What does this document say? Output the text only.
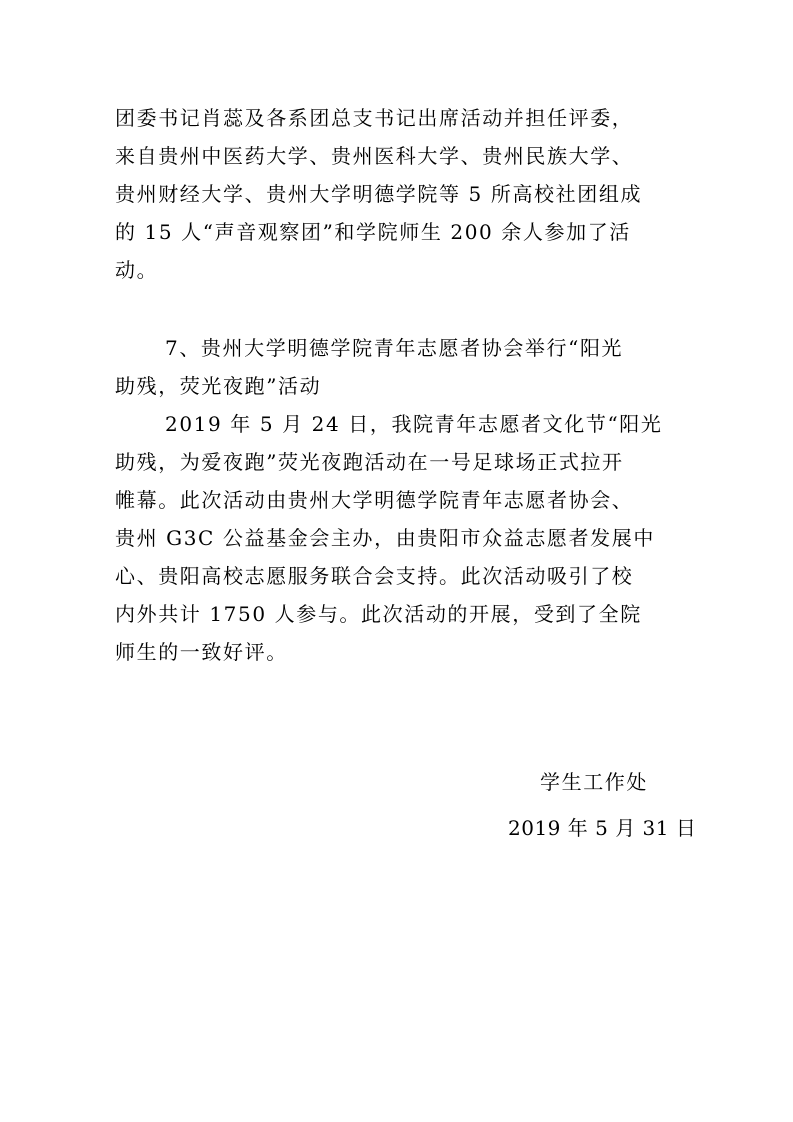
团委书记肖蕊及各系团总支书记出席活动并担任评委，
来自贵州中医药大学、贵州医科大学、贵州民族大学、
贵州财经大学、贵州大学明德学院等 5 所高校社团组成
的 15 人“声音观察团”和学院师生 200 余人参加了活
动。
7、贵州大学明德学院青年志愿者协会举行“阳光
助残，荧光夜跑”活动
2019 年 5 月 24 日，我院青年志愿者文化节“阳光
助残，为爱夜跑”荧光夜跑活动在一号足球场正式拉开
帷幕。此次活动由贵州大学明德学院青年志愿者协会、
贵州 G3C 公益基金会主办，由贵阳市众益志愿者发展中
心、贵阳高校志愿服务联合会支持。此次活动吸引了校
内外共计 1750 人参与。此次活动的开展，受到了全院
师生的一致好评。
学生工作处
2019 年 5 月 31 日
